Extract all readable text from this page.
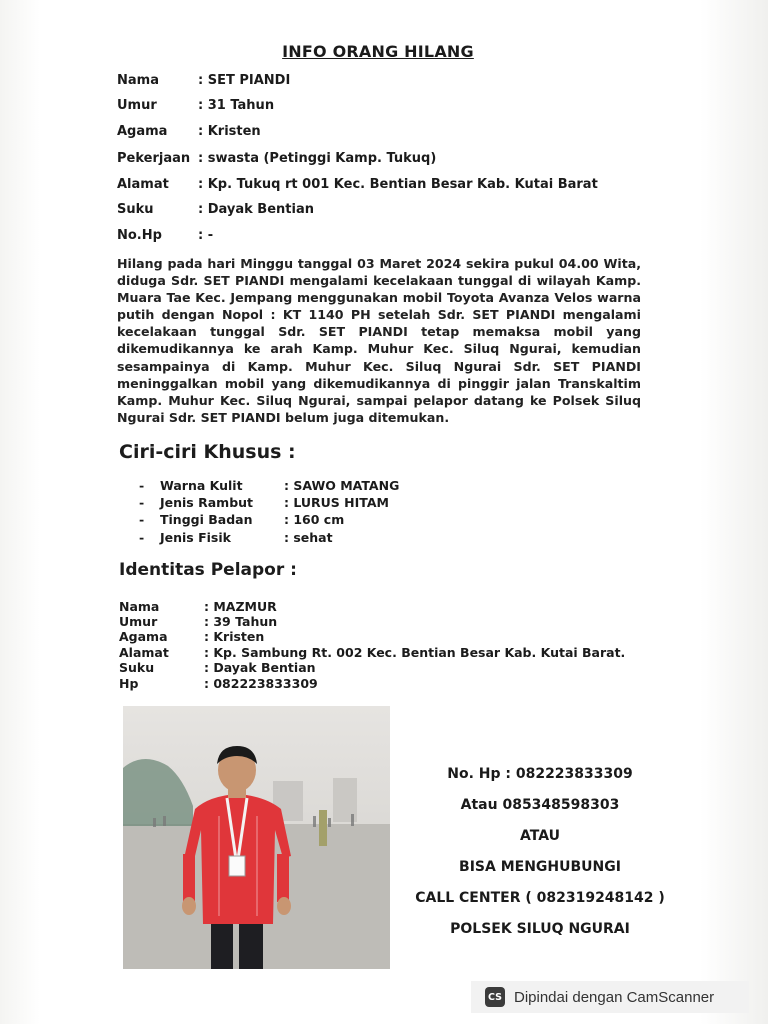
INFO ORANG HILANG
Nama	: SET PIANDI
Umur	: 31 Tahun
Agama : Kristen
Pekerjaan : swasta (Petinggi Kamp. Tukuq)
Alamat : Kp. Tukuq rt 001 Kec. Bentian Besar Kab. Kutai Barat
Suku	: Dayak Bentian
No.Hp	: -
Hilang pada hari Minggu tanggal 03 Maret 2024 sekira pukul 04.00 Wita, diduga Sdr. SET PIANDI mengalami kecelakaan tunggal di wilayah Kamp. Muara Tae Kec. Jempang menggunakan mobil Toyota Avanza Velos warna putih dengan Nopol : KT 1140 PH setelah Sdr. SET PIANDI mengalami kecelakaan tunggal Sdr. SET PIANDI tetap memaksa mobil yang dikemudikannya ke arah Kamp. Muhur Kec. Siluq Ngurai, kemudian sesampainya di Kamp. Muhur Kec. Siluq Ngurai Sdr. SET PIANDI meninggalkan mobil yang dikemudikannya di pinggir jalan Transkaltim Kamp. Muhur Kec. Siluq Ngurai, sampai pelapor datang ke Polsek Siluq Ngurai Sdr. SET PIANDI belum juga ditemukan.
Ciri-ciri Khusus :
- Warna Kulit	: SAWO MATANG
- Jenis Rambut : LURUS HITAM
- Tinggi Badan	: 160 cm
- Jenis Fisik	: sehat
Identitas Pelapor :
Nama	: MAZMUR
Umur	: 39 Tahun
Agama	: Kristen
Alamat	: Kp. Sambung Rt. 002 Kec. Bentian Besar Kab. Kutai Barat.
Suku	: Dayak Bentian
Hp	: 082223833309
No. Hp : 082223833309
Atau 085348598303
ATAU
BISA MENGHUBUNGI
CALL CENTER ( 082319248142 )
POLSEK SILUQ NGURAI
CS Dipindai dengan CamScanner
